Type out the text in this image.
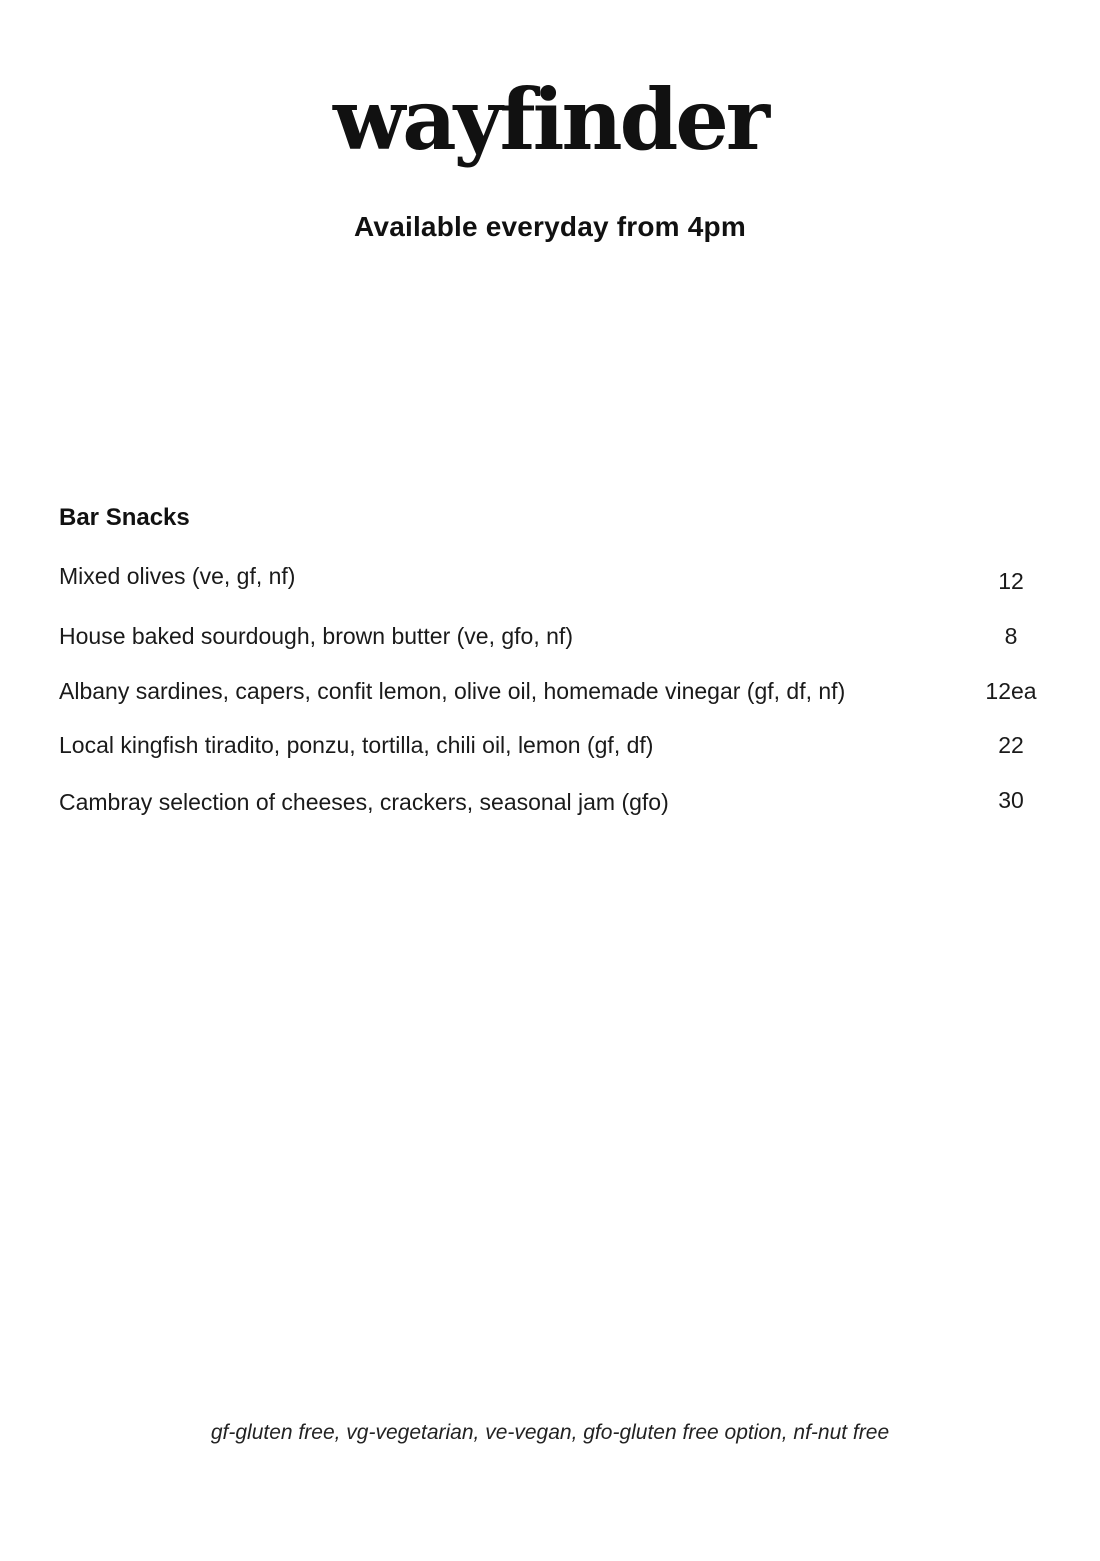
wayfinder
Available everyday from 4pm
Bar Snacks
Mixed olives (ve, gf, nf)	12
House baked sourdough, brown butter (ve, gfo, nf)	8
Albany sardines, capers, confit lemon, olive oil, homemade vinegar (gf, df, nf)	12ea
Local kingfish tiradito, ponzu, tortilla, chili oil, lemon (gf, df)	22
Cambray selection of cheeses, crackers, seasonal jam (gfo)	30
gf-gluten free, vg-vegetarian, ve-vegan, gfo-gluten free option, nf-nut free
